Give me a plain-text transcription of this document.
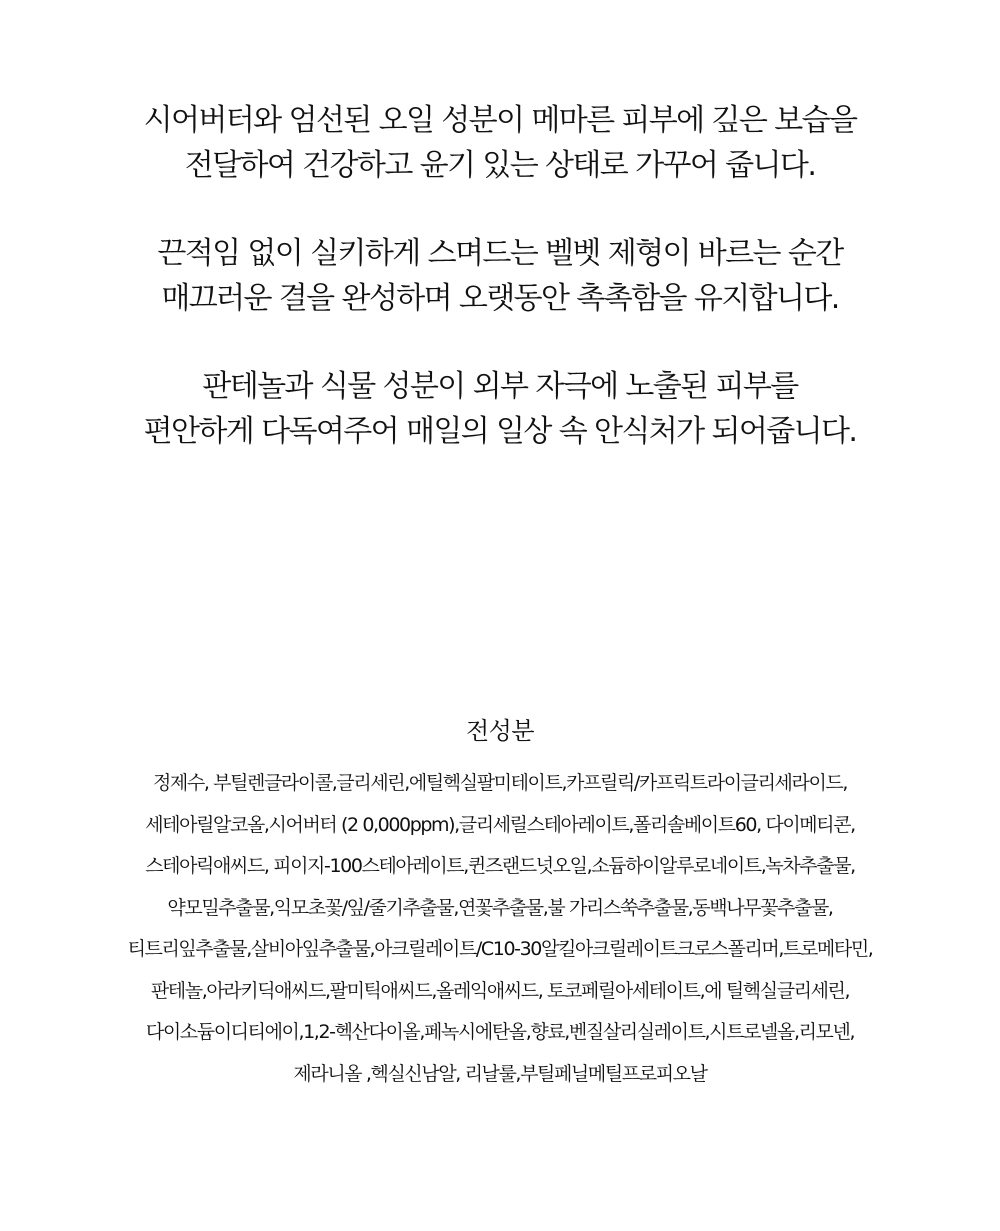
시어버터와 엄선된 오일 성분이 메마른 피부에 깊은 보습을
전달하여 건강하고 윤기 있는 상태로 가꾸어 줍니다.

끈적임 없이 실키하게 스며드는 벨벳 제형이 바르는 순간
매끄러운 결을 완성하며 오랫동안 촉촉함을 유지합니다.

판테놀과 식물 성분이 외부 자극에 노출된 피부를
편안하게 다독여주어 매일의 일상 속 안식처가 되어줍니다.

전성분
정제수, 부틸렌글라이콜,글리세린,에틸헥실팔미테이트,카프릴릭/카프릭트라이글리세라이드,
세테아릴알코올,시어버터 (2 0,000ppm),글리세릴스테아레이트,폴리솔베이트60, 다이메티콘,
스테아릭애씨드, 피이지-100스테아레이트,퀸즈랜드넛오일,소듐하이알루로네이트,녹차추출물,
약모밀추출물,익모초꽃/잎/줄기추출물,연꽃추출물,불 가리스쑥추출물,동백나무꽃추출물,
티트리잎추출물,살비아잎추출물,아크릴레이트/C10-30알킬아크릴레이트크로스폴리머,트로메타민,
판테놀,아라키딕애씨드,팔미틱애씨드,올레익애씨드, 토코페릴아세테이트,에 틸헥실글리세린,
다이소듐이디티에이,1,2-헥산다이올,페녹시에탄올,향료,벤질살리실레이트,시트로넬올,리모넨,
제라니올 ,헥실신남알, 리날룰,부틸페닐메틸프로피오날
